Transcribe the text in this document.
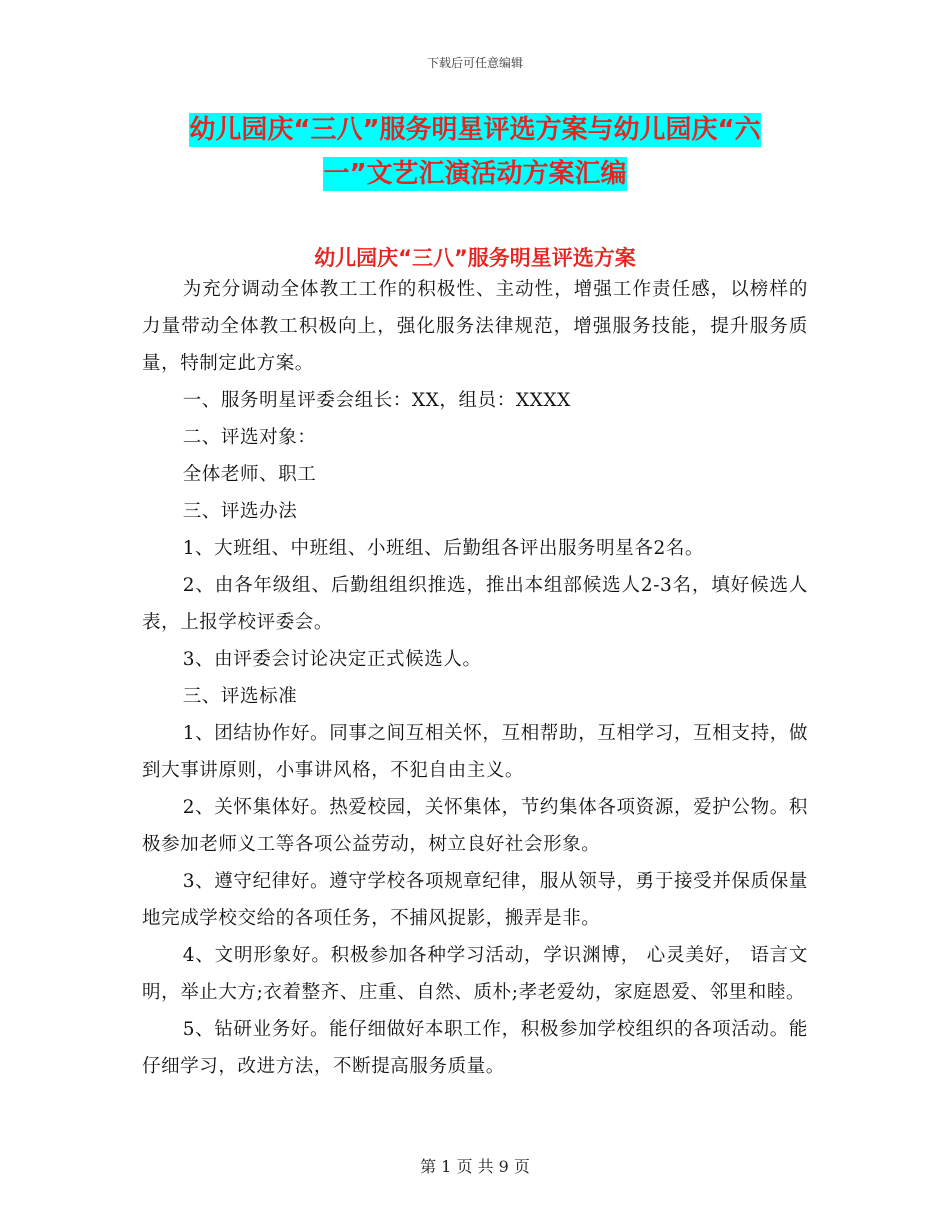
下载后可任意编辑
幼儿园庆“三八”服务明星评选方案与幼儿园庆“六
一”文艺汇演活动方案汇编
幼儿园庆“三八”服务明星评选方案

为充分调动全体教工工作的积极性、主动性，增强工作责任感，以榜样的力量带动全体教工积极向上，强化服务法律规范，增强服务技能，提升服务质量，特制定此方案。

一、服务明星评委会组长：XX，组员：XXXX

二、评选对象：

全体老师、职工

三、评选办法

1、大班组、中班组、小班组、后勤组各评出服务明星各2名。

2、由各年级组、后勤组组织推选，推出本组部候选人2-3名，填好候选人表，上报学校评委会。

3、由评委会讨论决定正式候选人。

三、评选标准

1、团结协作好。同事之间互相关怀，互相帮助，互相学习，互相支持，做到大事讲原则，小事讲风格，不犯自由主义。

2、关怀集体好。热爱校园，关怀集体，节约集体各项资源，爱护公物。积极参加老师义工等各项公益劳动，树立良好社会形象。

3、遵守纪律好。遵守学校各项规章纪律，服从领导，勇于接受并保质保量地完成学校交给的各项任务，不捕风捉影，搬弄是非。

4、文明形象好。积极参加各种学习活动，学识渊博， 心灵美好， 语言文明，举止大方;衣着整齐、庄重、自然、质朴;孝老爱幼，家庭恩爱、邻里和睦。

5、钻研业务好。能仔细做好本职工作，积极参加学校组织的各项活动。能仔细学习，改进方法，不断提高服务质量。

第 1 页 共 9 页
